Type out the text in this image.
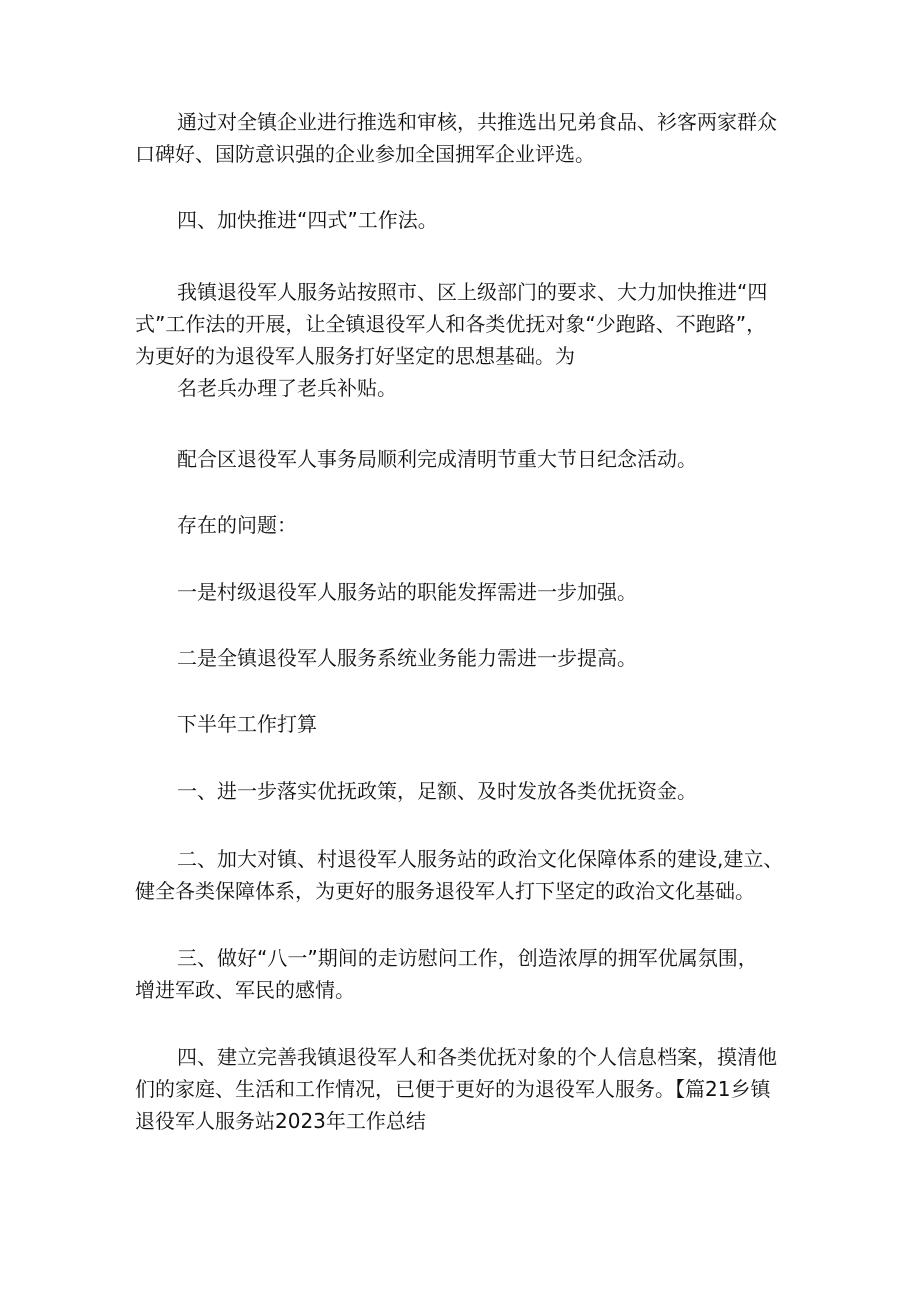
通过对全镇企业进行推选和审核，共推选出兄弟食品、衫客两家群众
口碑好、国防意识强的企业参加全国拥军企业评选。
四、加快推进“四式”工作法。
我镇退役军人服务站按照市、区上级部门的要求、大力加快推进“四
式”工作法的开展，让全镇退役军人和各类优抚对象“少跑路、不跑路”，
为更好的为退役军人服务打好坚定的思想基础。为
名老兵办理了老兵补贴。
配合区退役军人事务局顺利完成清明节重大节日纪念活动。
存在的问题：
一是村级退役军人服务站的职能发挥需进一步加强。
二是全镇退役军人服务系统业务能力需进一步提高。
下半年工作打算
一、进一步落实优抚政策，足额、及时发放各类优抚资金。
二、加大对镇、村退役军人服务站的政治文化保障体系的建设,建立、
健全各类保障体系，为更好的服务退役军人打下坚定的政治文化基础。
三、做好“八一”期间的走访慰问工作，创造浓厚的拥军优属氛围，
增进军政、军民的感情。
四、建立完善我镇退役军人和各类优抚对象的个人信息档案，摸清他
们的家庭、生活和工作情况，已便于更好的为退役军人服务。【篇21乡镇
退役军人服务站2023年工作总结
